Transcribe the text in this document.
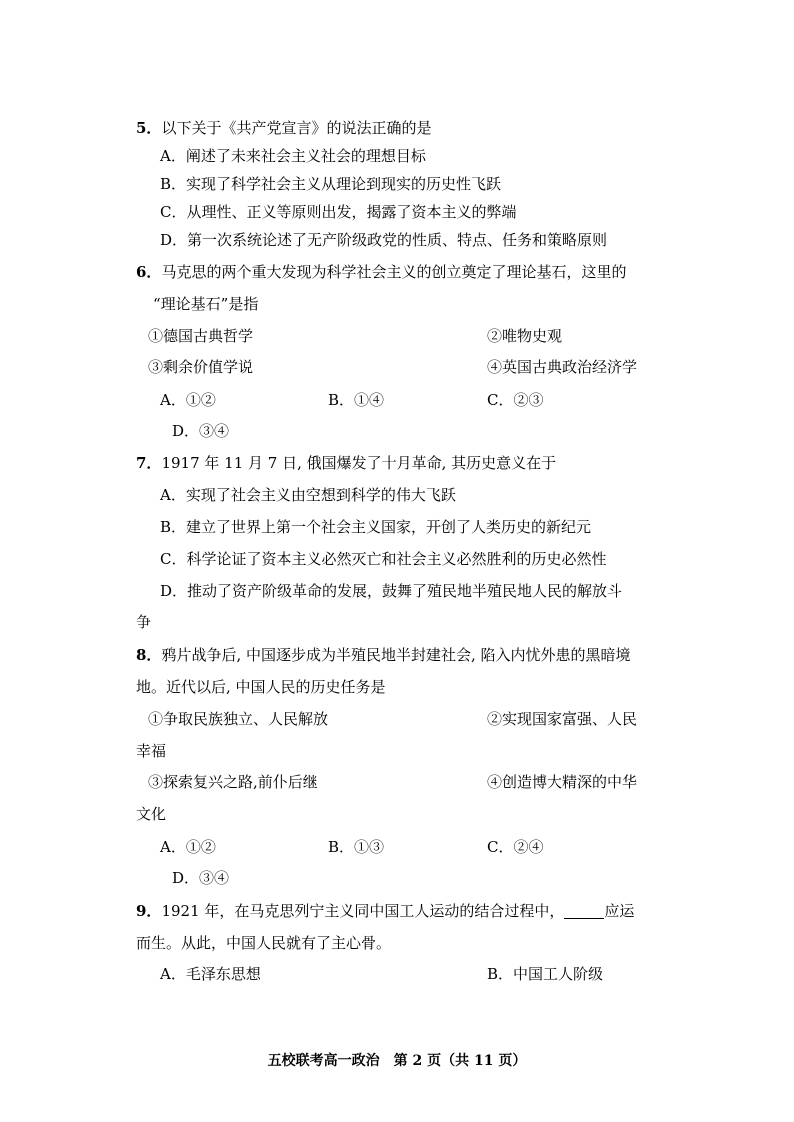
5．以下关于《共产党宣言》的说法正确的是
A．阐述了未来社会主义社会的理想目标
B．实现了科学社会主义从理论到现实的历史性飞跃
C．从理性、正义等原则出发，揭露了资本主义的弊端
D．第一次系统论述了无产阶级政党的性质、特点、任务和策略原则
6．马克思的两个重大发现为科学社会主义的创立奠定了理论基石，这里的
“理论基石”是指
①德国古典哲学	②唯物史观
③剩余价值学说	④英国古典政治经济学
A．①②	B．①④	C．②③
D．③④
7．1917 年 11 月 7 日, 俄国爆发了十月革命, 其历史意义在于
A．实现了社会主义由空想到科学的伟大飞跃
B．建立了世界上第一个社会主义国家，开创了人类历史的新纪元
C．科学论证了资本主义必然灭亡和社会主义必然胜利的历史必然性
D．推动了资产阶级革命的发展，鼓舞了殖民地半殖民地人民的解放斗
争
8．鸦片战争后, 中国逐步成为半殖民地半封建社会, 陷入内忧外患的黑暗境
地。近代以后, 中国人民的历史任务是
①争取民族独立、人民解放	②实现国家富强、人民
幸福
③探索复兴之路,前仆后继	④创造博大精深的中华
文化
A．①②	B．①③	C．②④
D．③④
9．1921 年，在马克思列宁主义同中国工人运动的结合过程中，	应运
而生。从此，中国人民就有了主心骨。
A．毛泽东思想	B．中国工人阶级
五校联考高一政治　第 2 页（共 11 页）
